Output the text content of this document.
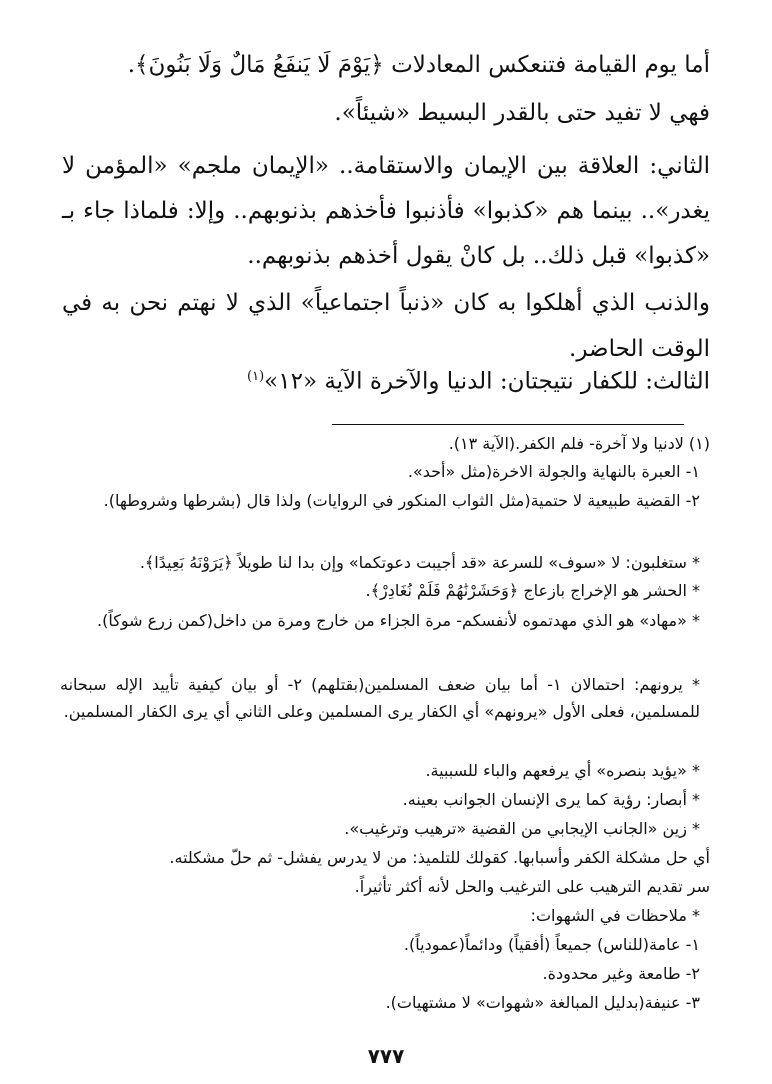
أما يوم القيامة فتنعكس المعادلات ﴿يَوْمَ لَا يَنفَعُ مَالٌ وَلَا بَنُونَ﴾.

فهي لا تفيد حتى بالقدر البسيط «شيئاً».

الثاني: العلاقة بين الإيمان والاستقامة.. «الإيمان ملجم» «المؤمن لا يغدر».. بينما هم «كذبوا» فأذنبوا فأخذهم بذنوبهم.. وإلا: فلماذا جاء بـ «كذبوا» قبل ذلك.. بل كانْ يقول أخذهم بذنوبهم..

والذنب الذي أهلكوا به كان «ذنباً اجتماعياً» الذي لا نهتم نحن به في الوقت الحاضر.

الثالث: للكفار نتيجتان: الدنيا والآخرة الآية «١٢»$^{(١)}$

(١) لادنيا ولا آخرة- فلم الكفر.(الآية ١٣).
١- العبرة بالنهاية والجولة الاخرة(مثل «أحد».
٢- القضية طبيعية لا حتمية(مثل الثواب المنكور في الروايات) ولذا قال (بشرطها وشروطها).
* ستغلبون: لا «سوف» للسرعة «قد أجيبت دعوتكما» وإن بدا لنا طويلاً ﴿يَرَوْنَهُ بَعِيدًا﴾.
* الحشر هو الإخراج بازعاج ﴿وَحَشَرْنَٰهُمْ فَلَمْ نُغَادِرْ﴾.
* «مهاد» هو الذي مهدتموه لأنفسكم- مرة الجزاء من خارج ومرة من داخل(كمن زرع شوكاً).
* يرونهم: احتمالان ١- أما بيان ضعف المسلمين(بقتلهم) ٢- أو بيان كيفية تأييد الإله سبحانه للمسلمين، فعلى الأول «يرونهم» أي الكفار يرى المسلمين وعلى الثاني أي يرى الكفار المسلمين.
* «يؤيد بنصره» أي يرفعهم والباء للسببية.
* أبصار: رؤية كما يرى الإنسان الجوانب بعينه.
* زين «الجانب الإيجابي من القضية «ترهيب وترغيب».
أي حل مشكلة الكفر وأسبابها. كقولك للتلميذ: من لا يدرس يفشل- ثم حلّ مشكلته.
سر تقديم الترهيب على الترغيب والحل لأنه أكثر تأثيراً.
* ملاحظات في الشهوات:
١- عامة(للناس) جميعاً (أفقياً) ودائماً(عمودياً).
٢- طامعة وغير محدودة.
٣- عنيفة(بدليل المبالغة «شهوات» لا مشتهيات).
٧٧٧
